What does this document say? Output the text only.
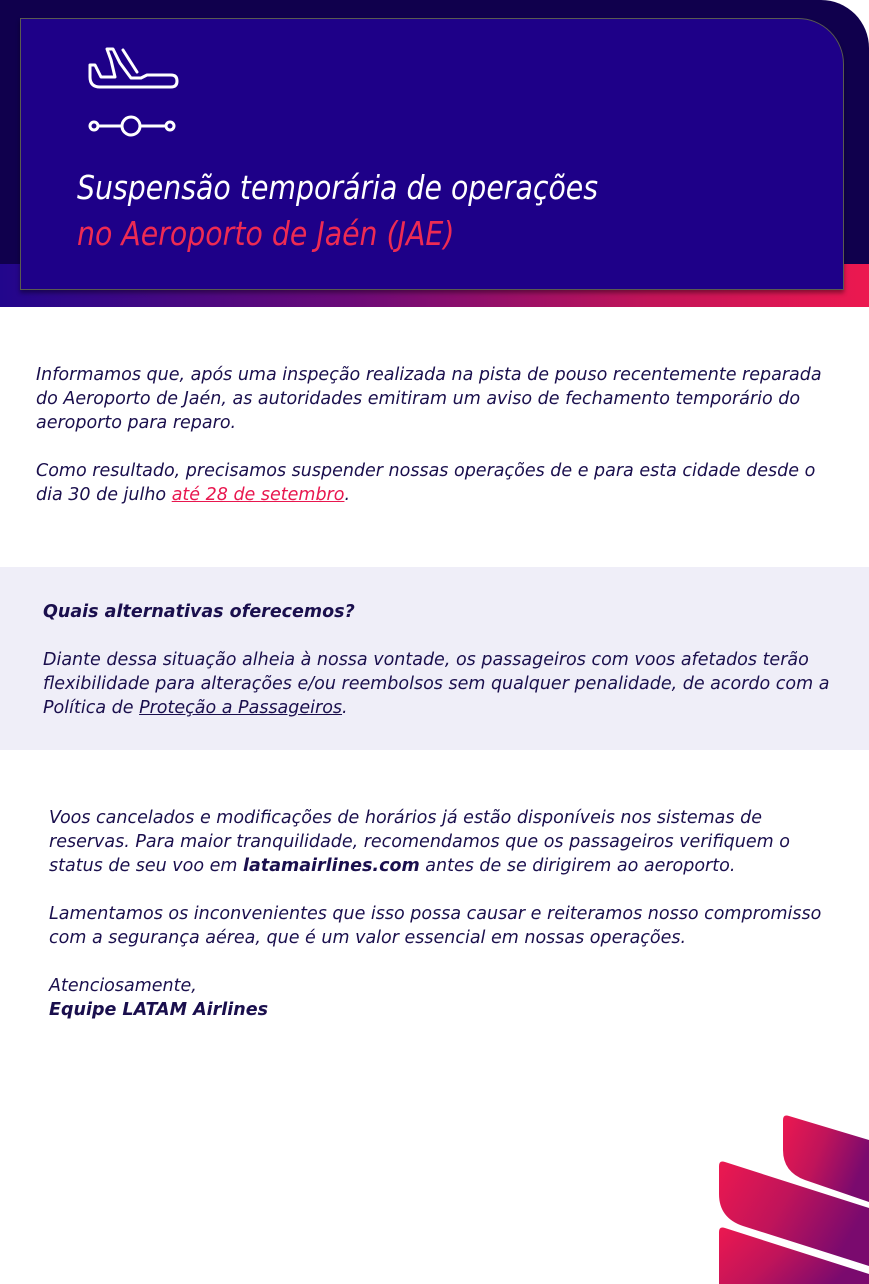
Suspensão temporária de operações
no Aeroporto de Jaén (JAE)

Informamos que, após uma inspeção realizada na pista de pouso recentemente reparada do Aeroporto de Jaén, as autoridades emitiram um aviso de fechamento temporário do aeroporto para reparo.

Como resultado, precisamos suspender nossas operações de e para esta cidade desde o dia 30 de julho até 28 de setembro.

Quais alternativas oferecemos?

Diante dessa situação alheia à nossa vontade, os passageiros com voos afetados terão flexibilidade para alterações e/ou reembolsos sem qualquer penalidade, de acordo com a Política de Proteção a Passageiros.

Voos cancelados e modificações de horários já estão disponíveis nos sistemas de reservas. Para maior tranquilidade, recomendamos que os passageiros verifiquem o status de seu voo em latamairlines.com antes de se dirigirem ao aeroporto.

Lamentamos os inconvenientes que isso possa causar e reiteramos nosso compromisso com a segurança aérea, que é um valor essencial em nossas operações.

Atenciosamente,
Equipe LATAM Airlines
